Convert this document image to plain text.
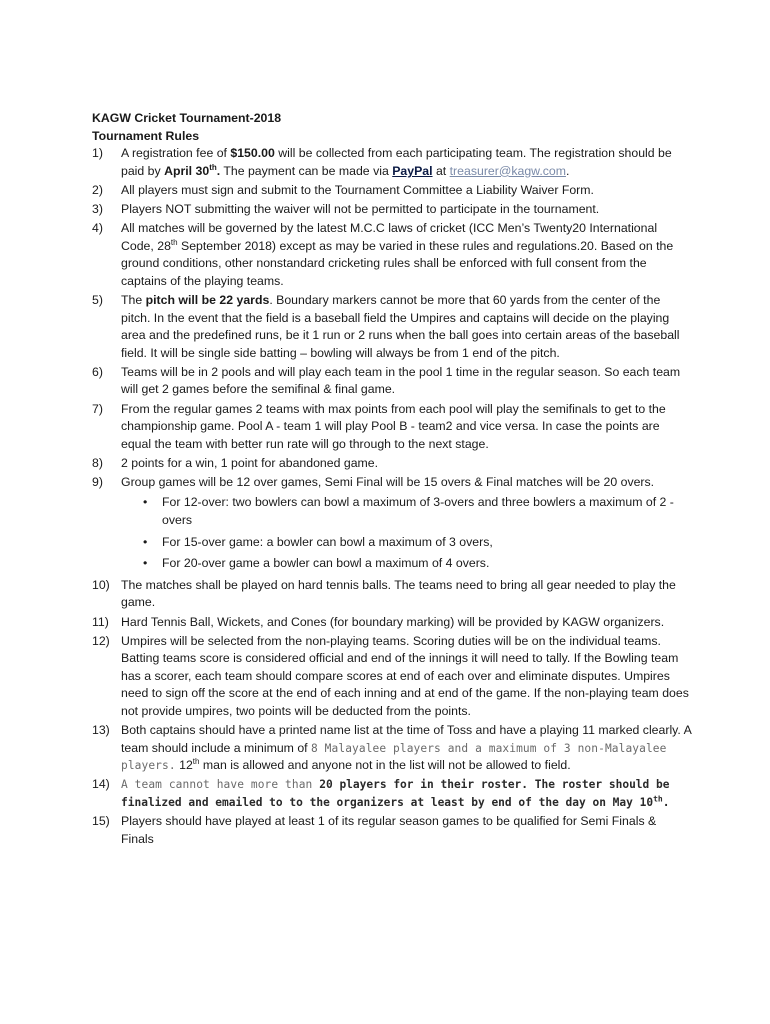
KAGW Cricket Tournament-2018

Tournament Rules

1)	A registration fee of $150.00 will be collected from each participating team. The registration should be paid by April 30th. The payment can be made via PayPal at treasurer@kagw.com.
2)	All players must sign and submit to the Tournament Committee a Liability Waiver Form.
3)	Players NOT submitting the waiver will not be permitted to participate in the tournament.
4)	All matches will be governed by the latest M.C.C laws of cricket (ICC Men’s Twenty20 International Code, 28th September 2018) except as may be varied in these rules and regulations.20. Based on the ground conditions, other nonstandard cricketing rules shall be enforced with full consent from the captains of the playing teams.
5)	The pitch will be 22 yards. Boundary markers cannot be more that 60 yards from the center of the pitch. In the event that the field is a baseball field the Umpires and captains will decide on the playing area and the predefined runs, be it 1 run or 2 runs when the ball goes into certain areas of the baseball field. It will be single side batting – bowling will always be from 1 end of the pitch.
6)	Teams will be in 2 pools and will play each team in the pool 1 time in the regular season. So each team will get 2 games before the semifinal & final game.
7)	From the regular games 2 teams with max points from each pool will play the semifinals to get to the championship game. Pool A - team 1 will play Pool B - team2 and vice versa. In case the points are equal the team with better run rate will go through to the next stage.
8)	2 points for a win, 1 point for abandoned game.
9)	Group games will be 12 over games, Semi Final will be 15 overs & Final matches will be 20 overs.
• For 12-over: two bowlers can bowl a maximum of 3-overs and three bowlers a maximum of 2 -overs
• For 15-over game: a bowler can bowl a maximum of 3 overs,
• For 20-over game a bowler can bowl a maximum of 4 overs.
10) The matches shall be played on hard tennis balls. The teams need to bring all gear needed to play the game.
11) Hard Tennis Ball, Wickets, and Cones (for boundary marking) will be provided by KAGW organizers.
12) Umpires will be selected from the non-playing teams. Scoring duties will be on the individual teams. Batting teams score is considered official and end of the innings it will need to tally. If the Bowling team has a scorer, each team should compare scores at end of each over and eliminate disputes. Umpires need to sign off the score at the end of each inning and at end of the game. If the non-playing team does not provide umpires, two points will be deducted from the points.
13) Both captains should have a printed name list at the time of Toss and have a playing 11 marked clearly. A team should include a minimum of 8 Malayalee players and a maximum of 3 non-Malayalee players. 12th man is allowed and anyone not in the list will not be allowed to field.
14)	A team cannot have more than 20 players for in their roster. The roster should be finalized and emailed to to the organizers at least by end of the day on May 10th.
15) Players should have played at least 1 of its regular season games to be qualified for Semi Finals & Finals
